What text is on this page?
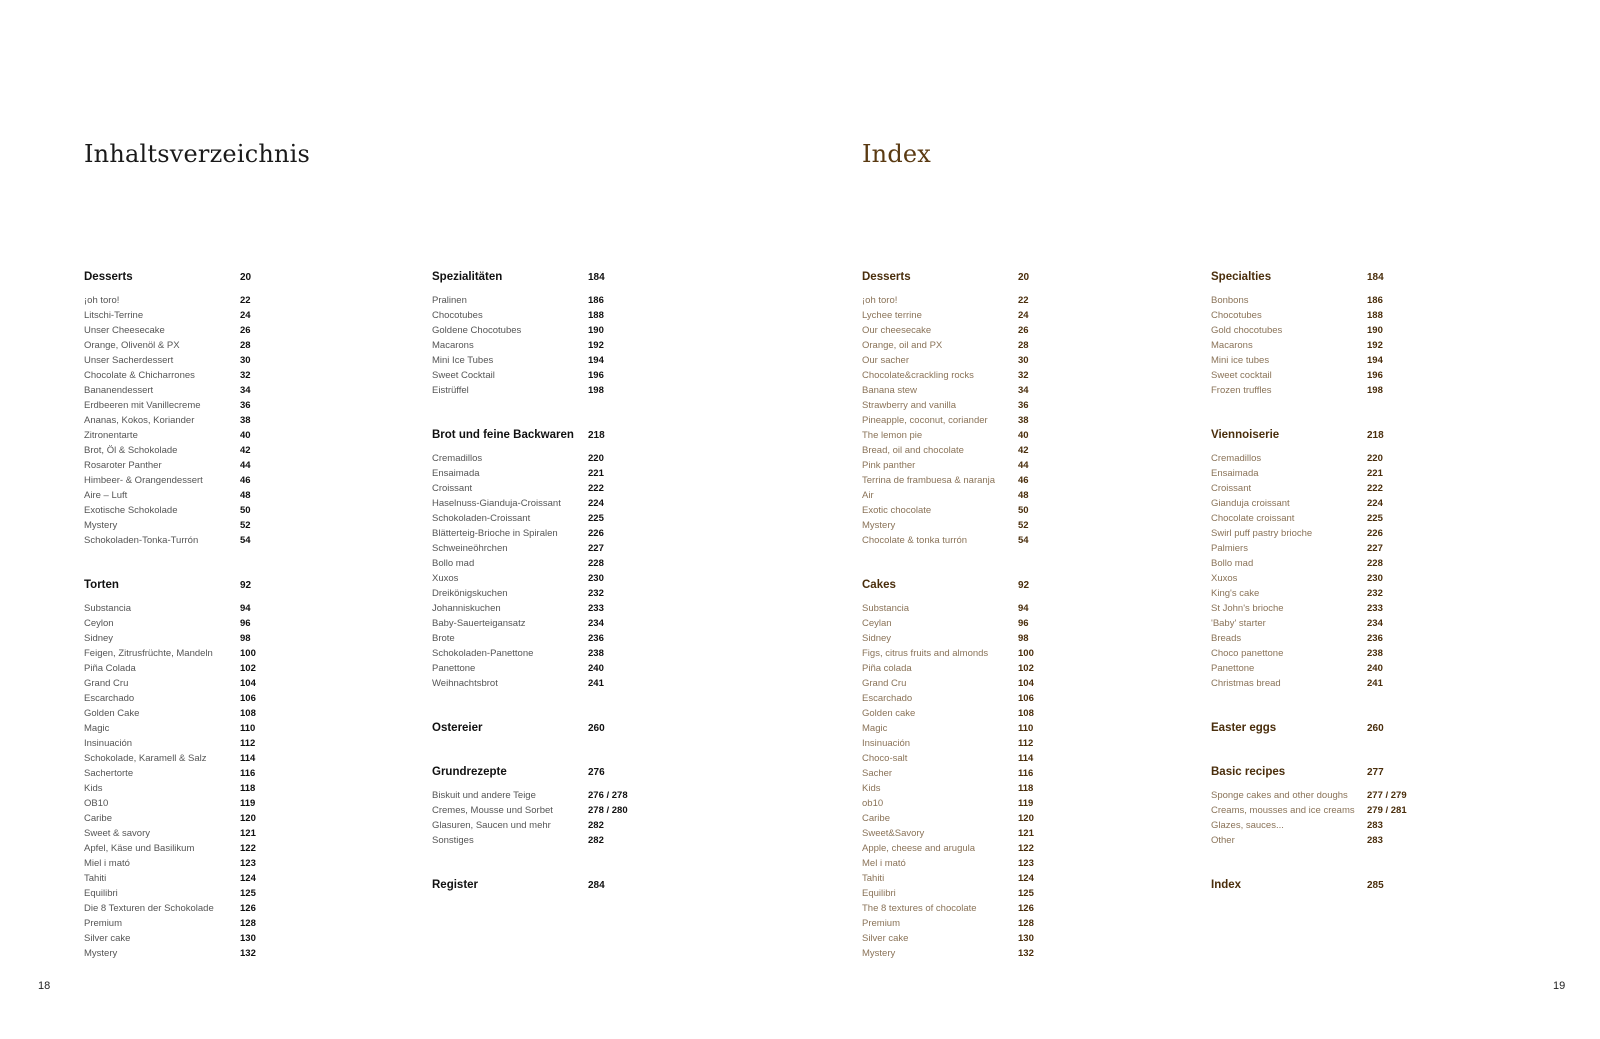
Inhaltsverzeichnis
Desserts	20
¡oh toro!	22
Litschi-Terrine	24
Unser Cheesecake	26
Orange, Olivenöl & PX	28
Unser Sacherdessert	30
Chocolate & Chicharrones	32
Bananendessert	34
Erdbeeren mit Vanillecreme	36
Ananas, Kokos, Koriander	38
Zitronentarte	40
Brot, Öl & Schokolade	42
Rosaroter Panther	44
Himbeer- & Orangendessert	46
Aire – Luft	48
Exotische Schokolade	50
Mystery	52
Schokoladen-Tonka-Turrón	54
Torten	92
Substancia	94
Ceylon	96
Sidney	98
Feigen, Zitrusfrüchte, Mandeln	100
Piña Colada	102
Grand Cru	104
Escarchado	106
Golden Cake	108
Magic	110
Insinuación	112
Schokolade, Karamell & Salz	114
Sachertorte	116
Kids	118
OB10	119
Caribe	120
Sweet & savory	121
Apfel, Käse und Basilikum	122
Miel i mató	123
Tahiti	124
Equilibri	125
Die 8 Texturen der Schokolade	126
Premium	128
Silver cake	130
Mystery	132
Spezialitäten	184
Pralinen	186
Chocotubes	188
Goldene Chocotubes	190
Macarons	192
Mini Ice Tubes	194
Sweet Cocktail	196
Eistrüffel	198
Brot und feine Backwaren	218
Cremadillos	220
Ensaimada	221
Croissant	222
Haselnuss-Gianduja-Croissant	224
Schokoladen-Croissant	225
Blätterteig-Brioche in Spiralen	226
Schweineöhrchen	227
Bollo mad	228
Xuxos	230
Dreikönigskuchen	232
Johanniskuchen	233
Baby-Sauerteigansatz	234
Brote	236
Schokoladen-Panettone	238
Panettone	240
Weihnachtsbrot	241
Ostereier	260
Grundrezepte	276
Biskuit und andere Teige	276 / 278
Cremes, Mousse und Sorbet	278 / 280
Glasuren, Saucen und mehr	282
Sonstiges	282
Register	284
18
Index
Desserts	20
¡oh toro!	22
Lychee terrine	24
Our cheesecake	26
Orange, oil and PX	28
Our sacher	30
Chocolate&crackling rocks	32
Banana stew	34
Strawberry and vanilla	36
Pineapple, coconut, coriander	38
The lemon pie	40
Bread, oil and chocolate	42
Pink panther	44
Terrina de frambuesa & naranja	46
Air	48
Exotic chocolate	50
Mystery	52
Chocolate & tonka turrón	54
Cakes	92
Substancia	94
Ceylan	96
Sidney	98
Figs, citrus fruits and almonds	100
Piña colada	102
Grand Cru	104
Escarchado	106
Golden cake	108
Magic	110
Insinuación	112
Choco-salt	114
Sacher	116
Kids	118
ob10	119
Caribe	120
Sweet&Savory	121
Apple, cheese and arugula	122
Mel i mató	123
Tahiti	124
Equilibri	125
The 8 textures of chocolate	126
Premium	128
Silver cake	130
Mystery	132
Specialties	184
Bonbons	186
Chocotubes	188
Gold chocotubes	190
Macarons	192
Mini ice tubes	194
Sweet cocktail	196
Frozen truffles	198
Viennoiserie	218
Cremadillos	220
Ensaimada	221
Croissant	222
Gianduja croissant	224
Chocolate croissant	225
Swirl puff pastry brioche	226
Palmiers	227
Bollo mad	228
Xuxos	230
King's cake	232
St John's brioche	233
'Baby' starter	234
Breads	236
Choco panettone	238
Panettone	240
Christmas bread	241
Easter eggs	260
Basic recipes	277
Sponge cakes and other doughs	277 / 279
Creams, mousses and ice creams	279 / 281
Glazes, sauces...	283
Other	283
Index	285
19
